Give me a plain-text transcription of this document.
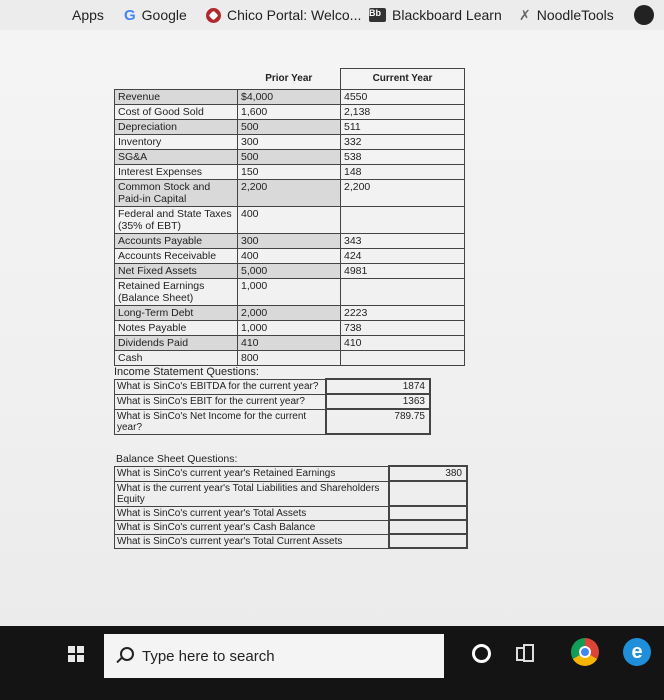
Apps G Google	Chico Portal: Welco... Bb Blackboard Learn ✗ NoodleTools
	Prior Year	Current Year
Revenue	$4,000	4550
Cost of Good Sold	1,600	2,138
Depreciation	500	511
Inventory	300	332
SG&A	500	538
Interest Expenses	150	148
Common Stock and Paid-in Capital	2,200	2,200
Federal and State Taxes (35% of EBT)	400	
Accounts Payable	300	343
Accounts Receivable	400	424
Net Fixed Assets	5,000	4981
Retained Earnings (Balance Sheet)	1,000	
Long-Term Debt	2,000	2223
Notes Payable	1,000	738
Dividends Paid	410	410
Cash	800	
Income Statement Questions:
What is SinCo's EBITDA for the current year?	1874
What is SinCo's EBIT for the current year?	1363
What is SinCo's Net Income for the current year?	789.75
Balance Sheet Questions:
What is SinCo's current year's Retained Earnings	380
What is the current year's Total Liabilities and Shareholders Equity	
What is SinCo's current year's Total Assets	
What is SinCo's current year's Cash Balance	
What is SinCo's current year's Total Current Assets	
Type here to search	e
